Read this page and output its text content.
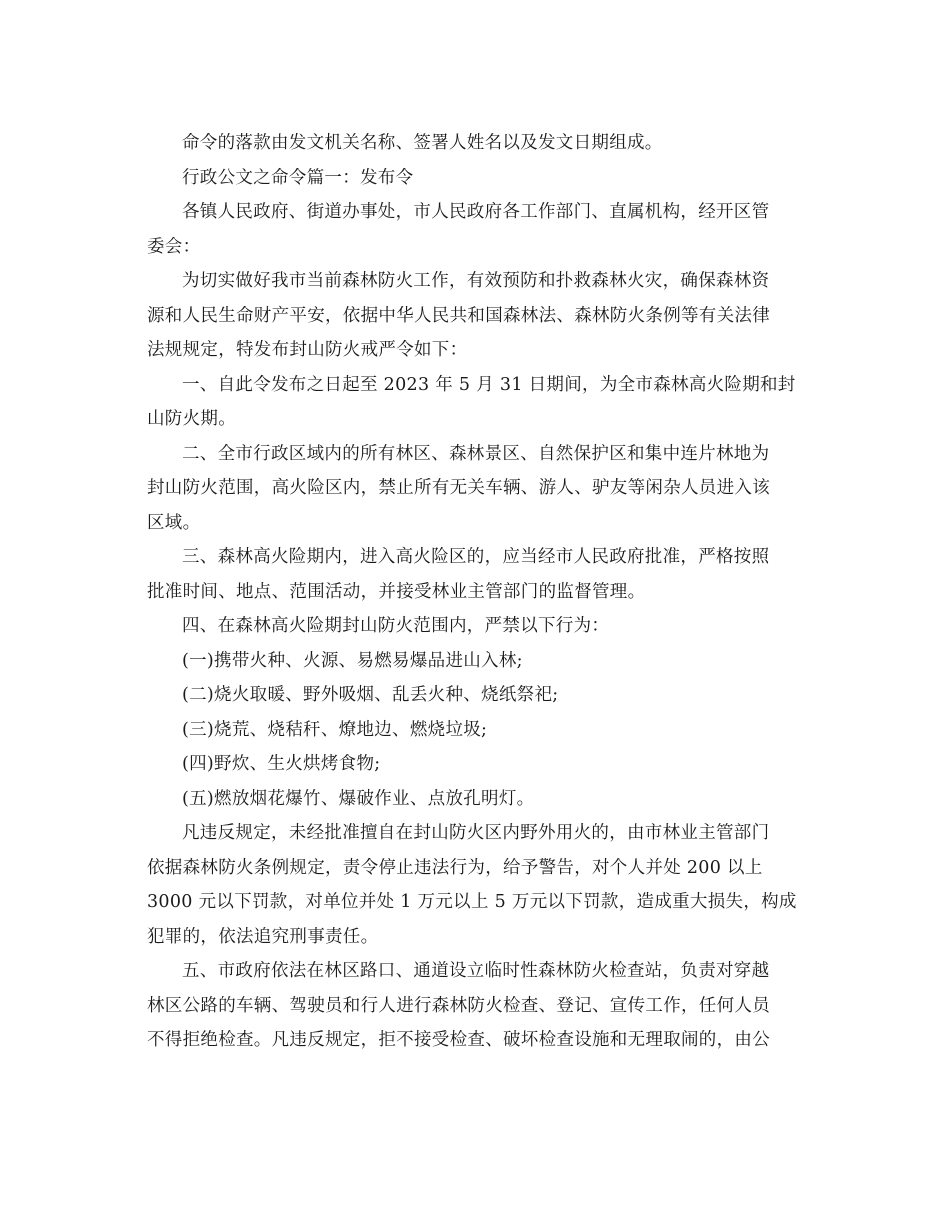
命令的落款由发文机关名称、签署人姓名以及发文日期组成。
行政公文之命令篇一：发布令
各镇人民政府、街道办事处，市人民政府各工作部门、直属机构，经开区管
委会：
为切实做好我市当前森林防火工作，有效预防和扑救森林火灾，确保森林资
源和人民生命财产平安，依据中华人民共和国森林法、森林防火条例等有关法律
法规规定，特发布封山防火戒严令如下：
一、自此令发布之日起至 2023 年 5 月 31 日期间，为全市森林高火险期和封
山防火期。
二、全市行政区域内的所有林区、森林景区、自然保护区和集中连片林地为
封山防火范围，高火险区内，禁止所有无关车辆、游人、驴友等闲杂人员进入该
区域。
三、森林高火险期内，进入高火险区的，应当经市人民政府批准，严格按照
批准时间、地点、范围活动，并接受林业主管部门的监督管理。
四、在森林高火险期封山防火范围内，严禁以下行为：
(一)携带火种、火源、易燃易爆品进山入林;
(二)烧火取暖、野外吸烟、乱丢火种、烧纸祭祀;
(三)烧荒、烧秸秆、燎地边、燃烧垃圾;
(四)野炊、生火烘烤食物;
(五)燃放烟花爆竹、爆破作业、点放孔明灯。
凡违反规定，未经批准擅自在封山防火区内野外用火的，由市林业主管部门
依据森林防火条例规定，责令停止违法行为，给予警告，对个人并处 200 以上
3000 元以下罚款，对单位并处 1 万元以上 5 万元以下罚款，造成重大损失，构成
犯罪的，依法追究刑事责任。
五、市政府依法在林区路口、通道设立临时性森林防火检查站，负责对穿越
林区公路的车辆、驾驶员和行人进行森林防火检查、登记、宣传工作，任何人员
不得拒绝检查。凡违反规定，拒不接受检查、破坏检查设施和无理取闹的，由公
